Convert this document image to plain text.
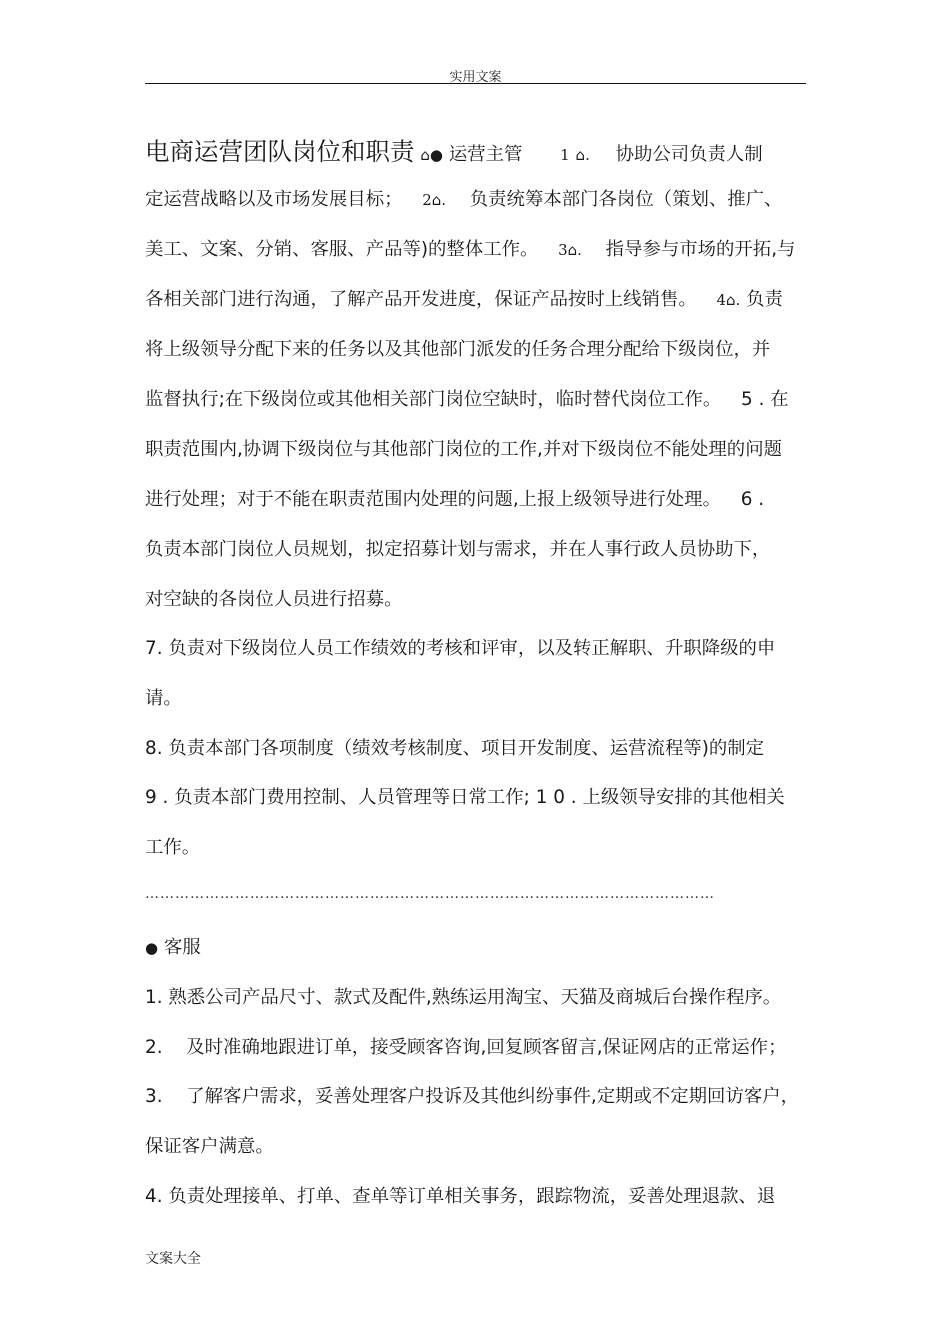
实用文案
电商运营团队岗位和职责 ⌂● 运营主管	1 ⌂. 协助公司负责人制
定运营战略以及市场发展目标； 2⌂. 负责统筹本部门各岗位（策划、推广、
美工、文案、分销、客服、产品等)的整体工作。 3⌂. 指导参与市场的开拓,与
各相关部门进行沟通，了解产品开发进度，保证产品按时上线销售。 4⌂. 负责
将上级领导分配下来的任务以及其他部门派发的任务合理分配给下级岗位，并
监督执行;在下级岗位或其他相关部门岗位空缺时，临时替代岗位工作。 5 . 在
职责范围内,协调下级岗位与其他部门岗位的工作,并对下级岗位不能处理的问题
进行处理；对于不能在职责范围内处理的问题,上报上级领导进行处理。 6 .
负责本部门岗位人员规划，拟定招募计划与需求，并在人事行政人员协助下，
对空缺的各岗位人员进行招募。
7. 负责对下级岗位人员工作绩效的考核和评审，以及转正解职、升职降级的申
请。
8. 负责本部门各项制度（绩效考核制度、项目开发制度、运营流程等)的制定
9 . 负责本部门费用控制、人员管理等日常工作; 1 0 . 上级领导安排的其他相关
工作。
……………………………………………………………………………………………………
● 客服
1. 熟悉公司产品尺寸、款式及配件,熟练运用淘宝、天猫及商城后台操作程序。
2. 及时准确地跟进订单，接受顾客咨询,回复顾客留言,保证网店的正常运作；
3. 了解客户需求，妥善处理客户投诉及其他纠纷事件,定期或不定期回访客户，
保证客户满意。
4. 负责处理接单、打单、查单等订单相关事务，跟踪物流，妥善处理退款、退
文案大全
